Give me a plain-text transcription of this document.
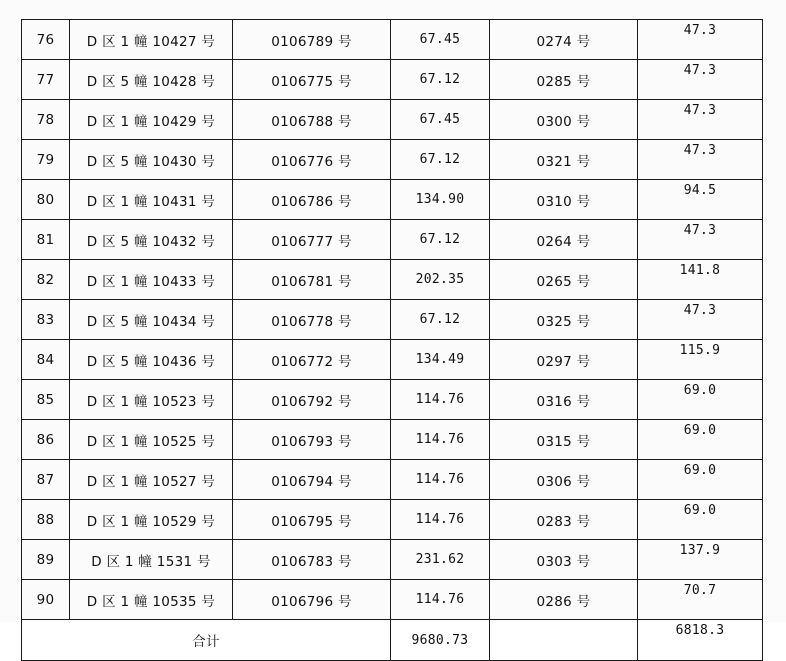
76	D 区 1 幢 10427 号	0106789 号	67.45	0274 号	47.3
77	D 区 5 幢 10428 号	0106775 号	67.12	0285 号	47.3
78	D 区 1 幢 10429 号	0106788 号	67.45	0300 号	47.3
79	D 区 5 幢 10430 号	0106776 号	67.12	0321 号	47.3
80	D 区 1 幢 10431 号	0106786 号	134.90	0310 号	94.5
81	D 区 5 幢 10432 号	0106777 号	67.12	0264 号	47.3
82	D 区 1 幢 10433 号	0106781 号	202.35	0265 号	141.8
83	D 区 5 幢 10434 号	0106778 号	67.12	0325 号	47.3
84	D 区 5 幢 10436 号	0106772 号	134.49	0297 号	115.9
85	D 区 1 幢 10523 号	0106792 号	114.76	0316 号	69.0
86	D 区 1 幢 10525 号	0106793 号	114.76	0315 号	69.0
87	D 区 1 幢 10527 号	0106794 号	114.76	0306 号	69.0
88	D 区 1 幢 10529 号	0106795 号	114.76	0283 号	69.0
89	D 区 1 幢 1531 号	0106783 号	231.62	0303 号	137.9
90	D 区 1 幢 10535 号	0106796 号	114.76	0286 号	70.7
合计			9680.73		6818.3
